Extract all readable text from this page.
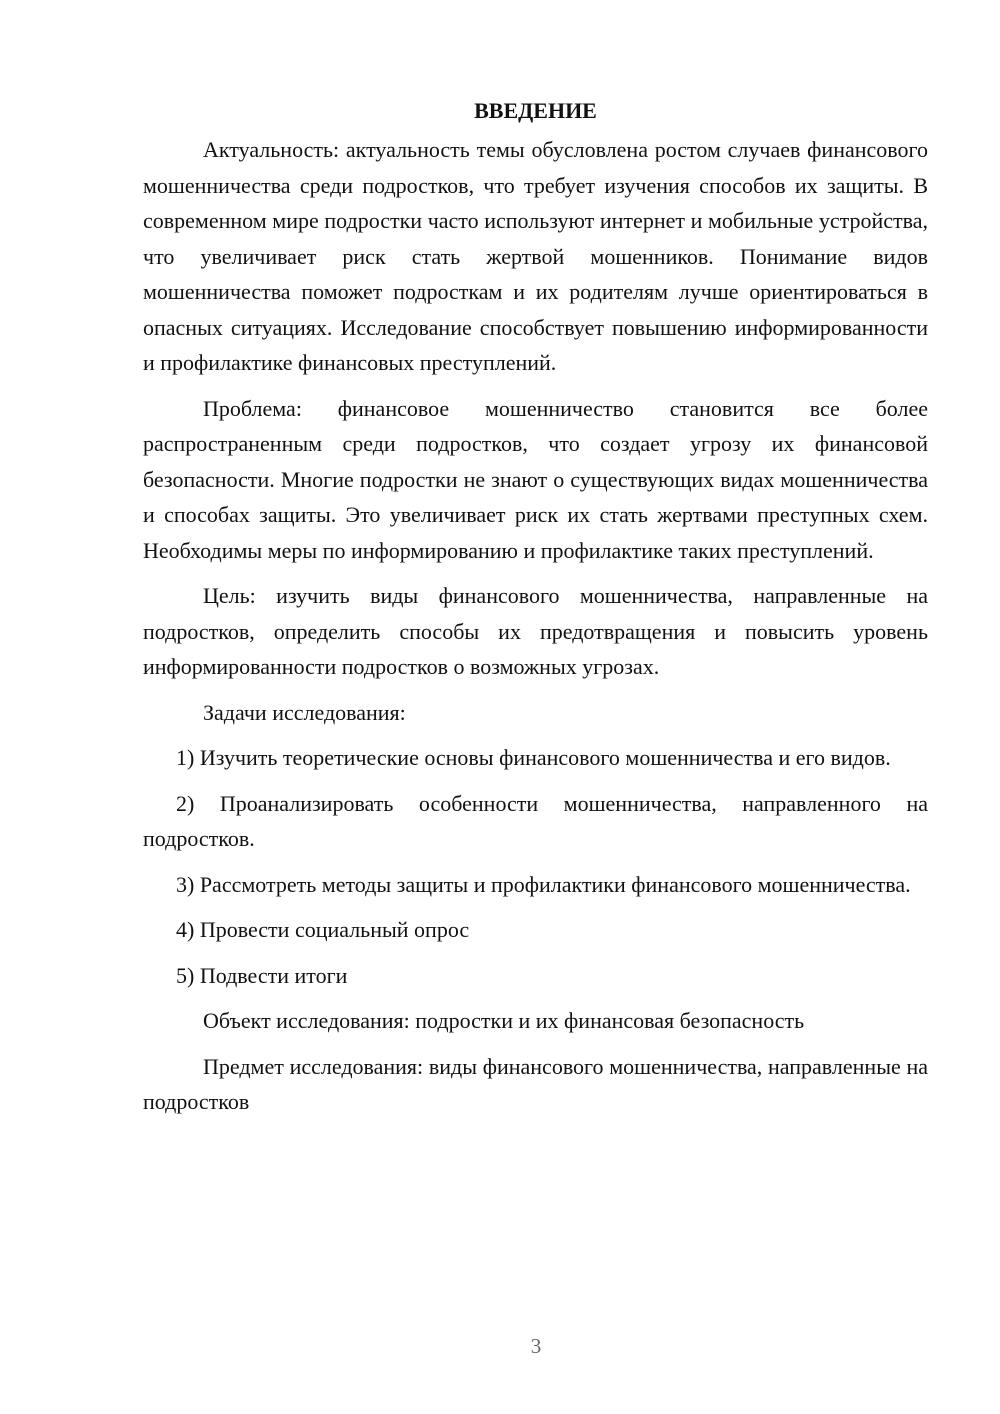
ВВЕДЕНИЕ

Актуальность: актуальность темы обусловлена ростом случаев финансового мошенничества среди подростков, что требует изучения способов их защиты. В современном мире подростки часто используют интернет и мобильные устройства, что увеличивает риск стать жертвой мошенников. Понимание видов мошенничества поможет подросткам и их родителям лучше ориентироваться в опасных ситуациях. Исследование способствует повышению информированности и профилактике финансовых преступлений.

Проблема: финансовое мошенничество становится все более распространенным среди подростков, что создает угрозу их финансовой безопасности. Многие подростки не знают о существующих видах мошенничества и способах защиты. Это увеличивает риск их стать жертвами преступных схем. Необходимы меры по информированию и профилактике таких преступлений.

Цель: изучить виды финансового мошенничества, направленные на подростков, определить способы их предотвращения и повысить уровень информированности подростков о возможных угрозах.

Задачи исследования:

1) Изучить теоретические основы финансового мошенничества и его видов.

2) Проанализировать особенности мошенничества, направленного на подростков.

3) Рассмотреть методы защиты и профилактики финансового мошенничества.

4) Провести социальный опрос

5) Подвести итоги

Объект исследования: подростки и их финансовая безопасность

Предмет исследования: виды финансового мошенничества, направленные на подростков

3
